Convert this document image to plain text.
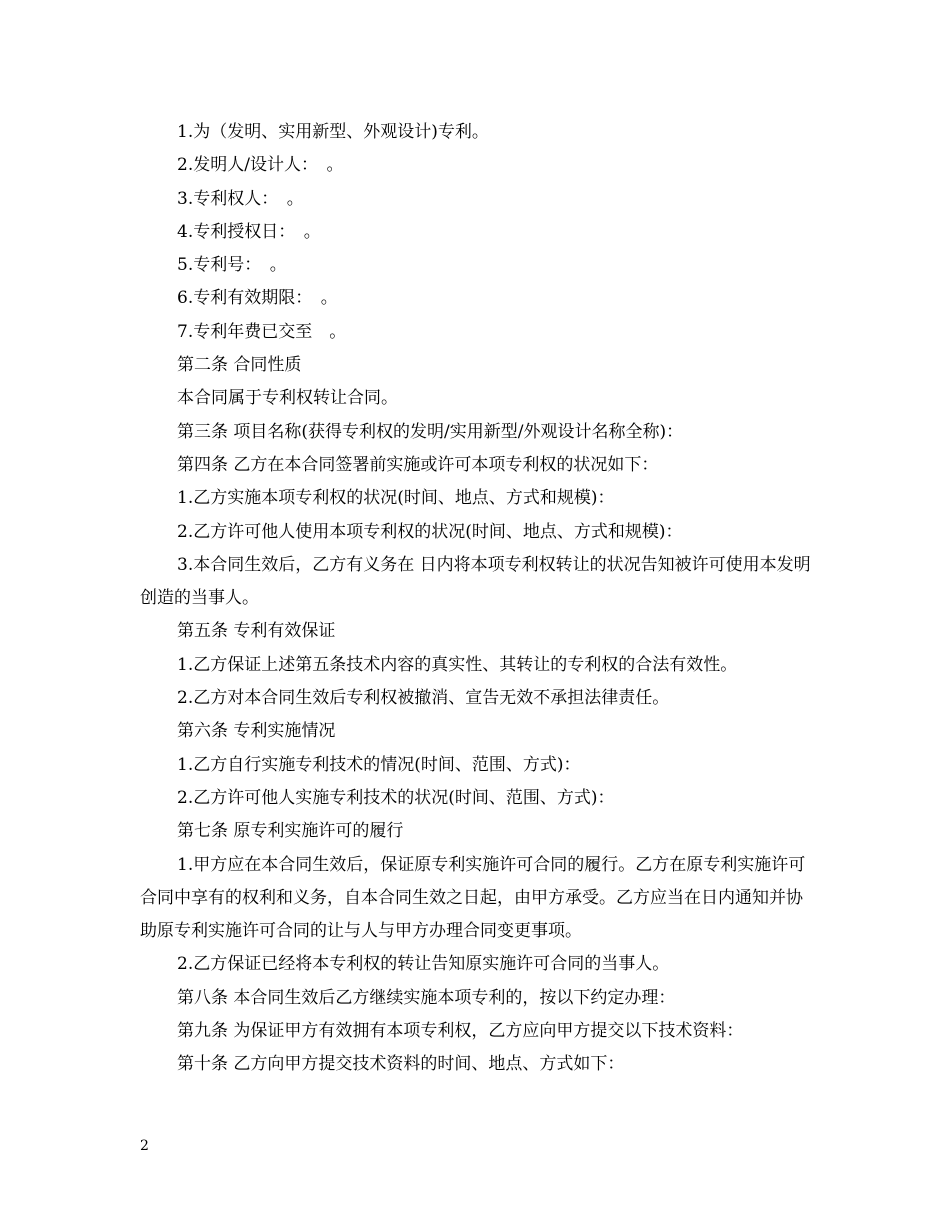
1.为（发明、实用新型、外观设计)专利。

2.发明人/设计人：　。

3.专利权人：　。

4.专利授权日：　。

5.专利号：　。

6.专利有效期限：　。

7.专利年费已交至　。

第二条 合同性质

本合同属于专利权转让合同。

第三条 项目名称(获得专利权的发明/实用新型/外观设计名称全称)：

第四条 乙方在本合同签署前实施或许可本项专利权的状况如下：

1.乙方实施本项专利权的状况(时间、地点、方式和规模)：

2.乙方许可他人使用本项专利权的状况(时间、地点、方式和规模)：

3.本合同生效后，乙方有义务在 日内将本项专利权转让的状况告知被许可使用本发明创造的当事人。

第五条 专利有效保证

1.乙方保证上述第五条技术内容的真实性、其转让的专利权的合法有效性。

2.乙方对本合同生效后专利权被撤消、宣告无效不承担法律责任。

第六条 专利实施情况

1.乙方自行实施专利技术的情况(时间、范围、方式)：

2.乙方许可他人实施专利技术的状况(时间、范围、方式)：

第七条 原专利实施许可的履行

1.甲方应在本合同生效后，保证原专利实施许可合同的履行。乙方在原专利实施许可合同中享有的权利和义务，自本合同生效之日起，由甲方承受。乙方应当在日内通知并协助原专利实施许可合同的让与人与甲方办理合同变更事项。

2.乙方保证已经将本专利权的转让告知原实施许可合同的当事人。

第八条 本合同生效后乙方继续实施本项专利的，按以下约定办理：

第九条 为保证甲方有效拥有本项专利权，乙方应向甲方提交以下技术资料：

第十条 乙方向甲方提交技术资料的时间、地点、方式如下：

2
